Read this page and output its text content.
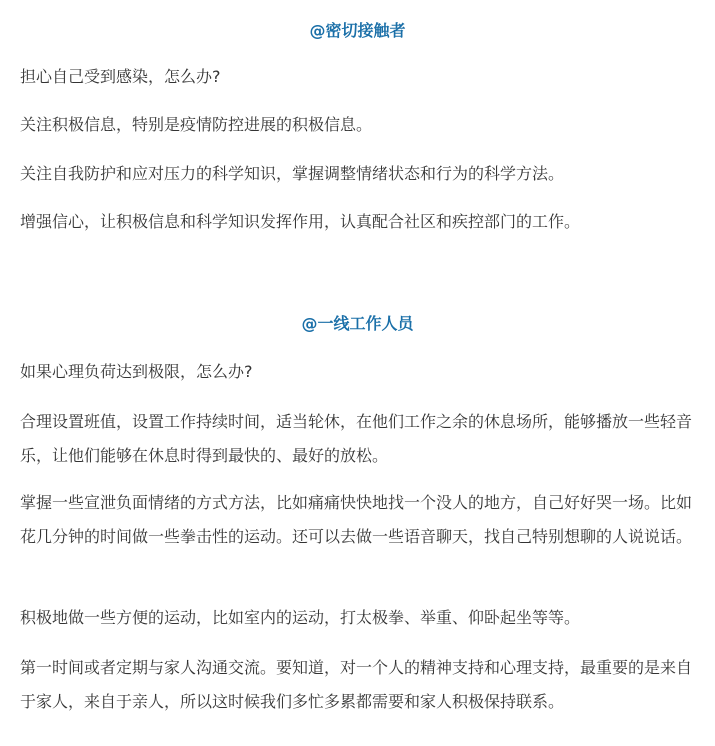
@密切接触者

担心自己受到感染，怎么办?

关注积极信息，特别是疫情防控进展的积极信息。

关注自我防护和应对压力的科学知识，掌握调整情绪状态和行为的科学方法。

增强信心，让积极信息和科学知识发挥作用，认真配合社区和疾控部门的工作。

@一线工作人员

如果心理负荷达到极限，怎么办?

合理设置班值，设置工作持续时间，适当轮休，在他们工作之余的休息场所，能够播放一些轻音乐，让他们能够在休息时得到最快的、最好的放松。

掌握一些宣泄负面情绪的方式方法，比如痛痛快快地找一个没人的地方，自己好好哭一场。比如花几分钟的时间做一些拳击性的运动。还可以去做一些语音聊天，找自己特别想聊的人说说话。

积极地做一些方便的运动，比如室内的运动，打太极拳、举重、仰卧起坐等等。

第一时间或者定期与家人沟通交流。要知道，对一个人的精神支持和心理支持，最重要的是来自于家人，来自于亲人，所以这时候我们多忙多累都需要和家人积极保持联系。
